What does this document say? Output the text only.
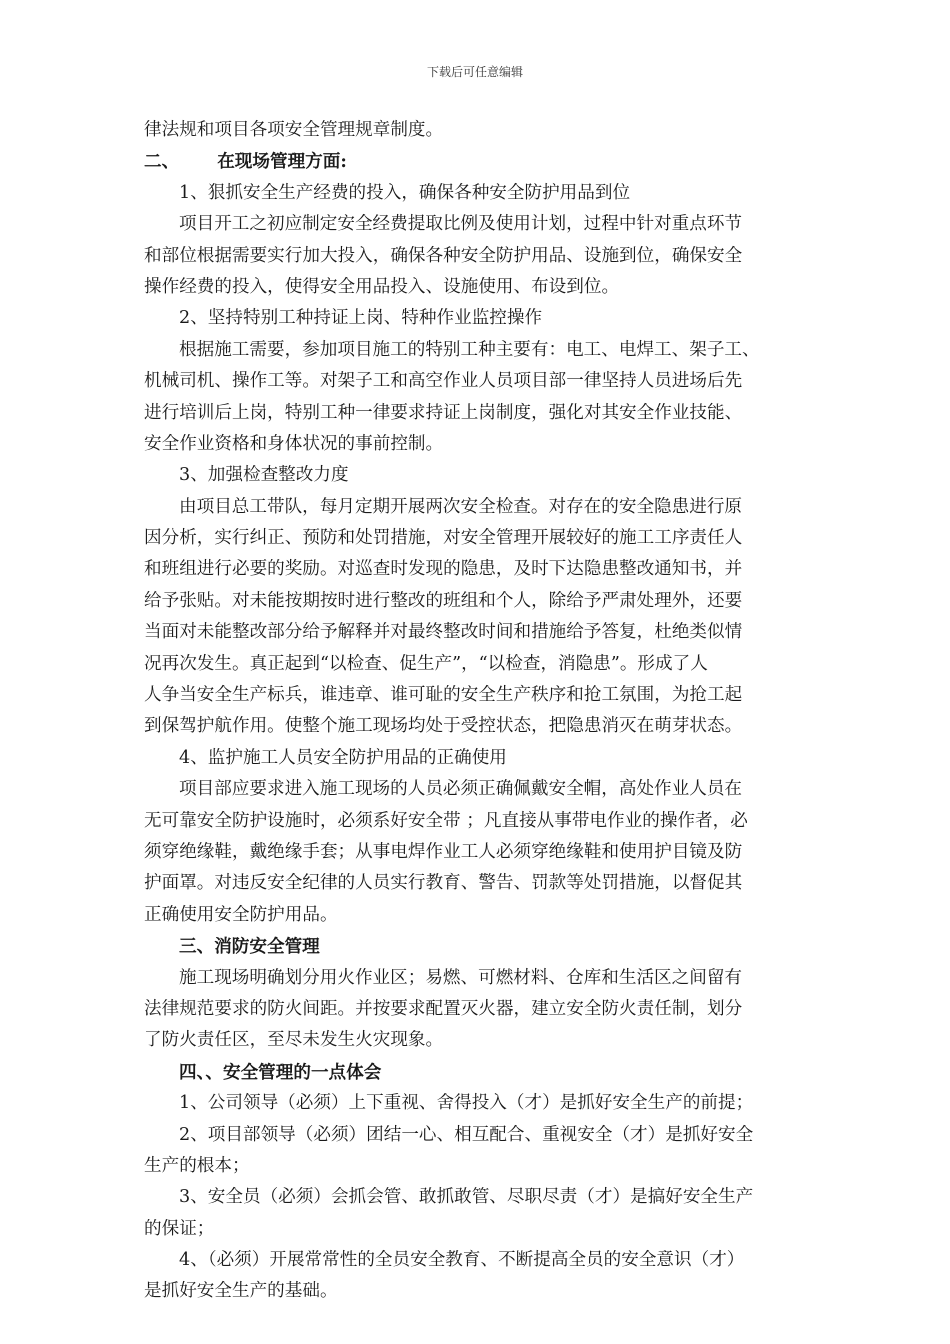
下载后可任意编辑
律法规和项目各项安全管理规章制度。
二、 在现场管理方面:
1、狠抓安全生产经费的投入，确保各种安全防护用品到位
项目开工之初应制定安全经费提取比例及使用计划，过程中针对重点环节
和部位根据需要实行加大投入，确保各种安全防护用品、设施到位，确保安全
操作经费的投入，使得安全用品投入、设施使用、布设到位。
2、坚持特别工种持证上岗、特种作业监控操作
根据施工需要，参加项目施工的特别工种主要有：电工、电焊工、架子工、
机械司机、操作工等。对架子工和高空作业人员项目部一律坚持人员进场后先
进行培训后上岗，特别工种一律要求持证上岗制度，强化对其安全作业技能、
安全作业资格和身体状况的事前控制。
3、加强检查整改力度
由项目总工带队，每月定期开展两次安全检查。对存在的安全隐患进行原
因分析，实行纠正、预防和处罚措施，对安全管理开展较好的施工工序责任人
和班组进行必要的奖励。对巡查时发现的隐患，及时下达隐患整改通知书，并
给予张贴。对未能按期按时进行整改的班组和个人，除给予严肃处理外，还要
当面对未能整改部分给予解释并对最终整改时间和措施给予答复，杜绝类似情
况再次发生。真正起到“以检查、促生产”，“以检查，消隐患”。形成了人
人争当安全生产标兵，谁违章、谁可耻的安全生产秩序和抢工氛围，为抢工起
到保驾护航作用。使整个施工现场均处于受控状态，把隐患消灭在萌芽状态。
4、监护施工人员安全防护用品的正确使用
项目部应要求进入施工现场的人员必须正确佩戴安全帽，高处作业人员在
无可靠安全防护设施时，必须系好安全带 ；凡直接从事带电作业的操作者，必
须穿绝缘鞋，戴绝缘手套；从事电焊作业工人必须穿绝缘鞋和使用护目镜及防
护面罩。对违反安全纪律的人员实行教育、警告、罚款等处罚措施，以督促其
正确使用安全防护用品。
三、消防安全管理
施工现场明确划分用火作业区；易燃、可燃材料、仓库和生活区之间留有
法律规范要求的防火间距。并按要求配置灭火器，建立安全防火责任制，划分
了防火责任区，至尽未发生火灾现象。
四、、安全管理的一点体会
1、公司领导（必须）上下重视、舍得投入（才）是抓好安全生产的前提；
2、项目部领导（必须）团结一心、相互配合、重视安全（才）是抓好安全
生产的根本；
3、安全员（必须）会抓会管、敢抓敢管、尽职尽责（才）是搞好安全生产
的保证；
4、（必须）开展常常性的全员安全教育、不断提高全员的安全意识（才）
是抓好安全生产的基础。
